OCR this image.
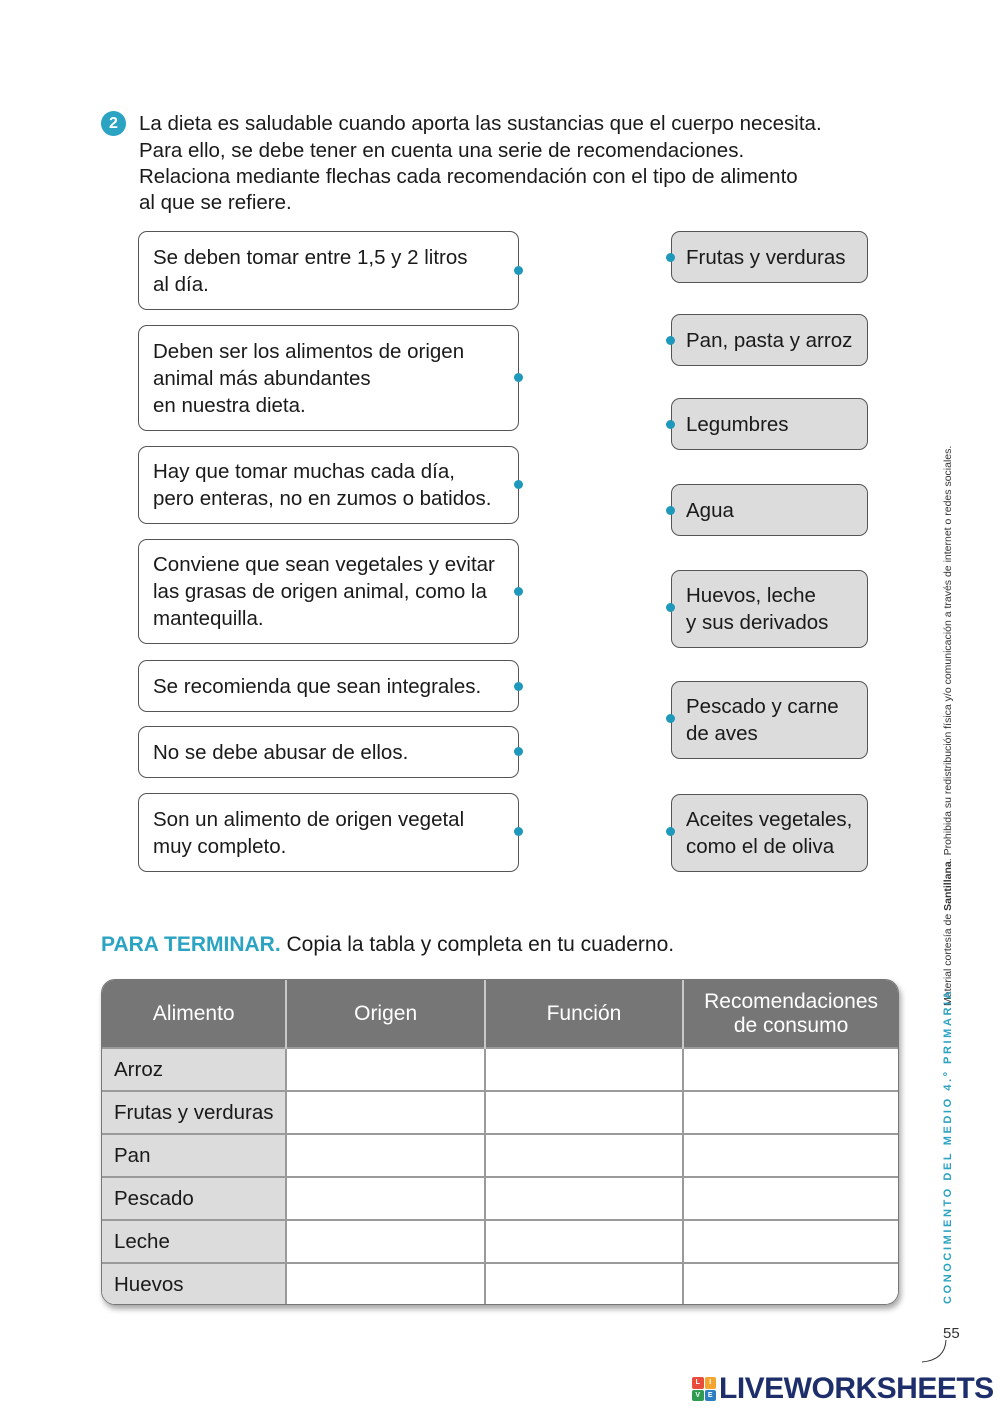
2	La dieta es saludable cuando aporta las sustancias que el cuerpo necesita.
Para ello, se debe tener en cuenta una serie de recomendaciones.
Relaciona mediante flechas cada recomendación con el tipo de alimento
al que se refiere.
Se deben tomar entre 1,5 y 2 litros
al día.
Deben ser los alimentos de origen
animal más abundantes
en nuestra dieta.
Hay que tomar muchas cada día,
pero enteras, no en zumos o batidos.
Conviene que sean vegetales y evitar
las grasas de origen animal, como la
mantequilla.
Se recomienda que sean integrales.
No se debe abusar de ellos.
Son un alimento de origen vegetal
muy completo.
Frutas y verduras
Pan, pasta y arroz
Legumbres
Agua
Huevos, leche
y sus derivados
Pescado y carne
de aves
Aceites vegetales,
como el de oliva
PARA TERMINAR. Copia la tabla y completa en tu cuaderno.
Alimento	Origen	Función	Recomendaciones de consumo
Arroz			
Frutas y verduras			
Pan			
Pescado			
Leche			
Huevos			
Material cortesía de Santillana. Prohibida su redistribución física y/o comunicación a través de internet o redes sociales.
CONOCIMIENTO DEL MEDIO 4.º PRIMARIA
55
L	I
V	E LIVEWORKSHEETS
